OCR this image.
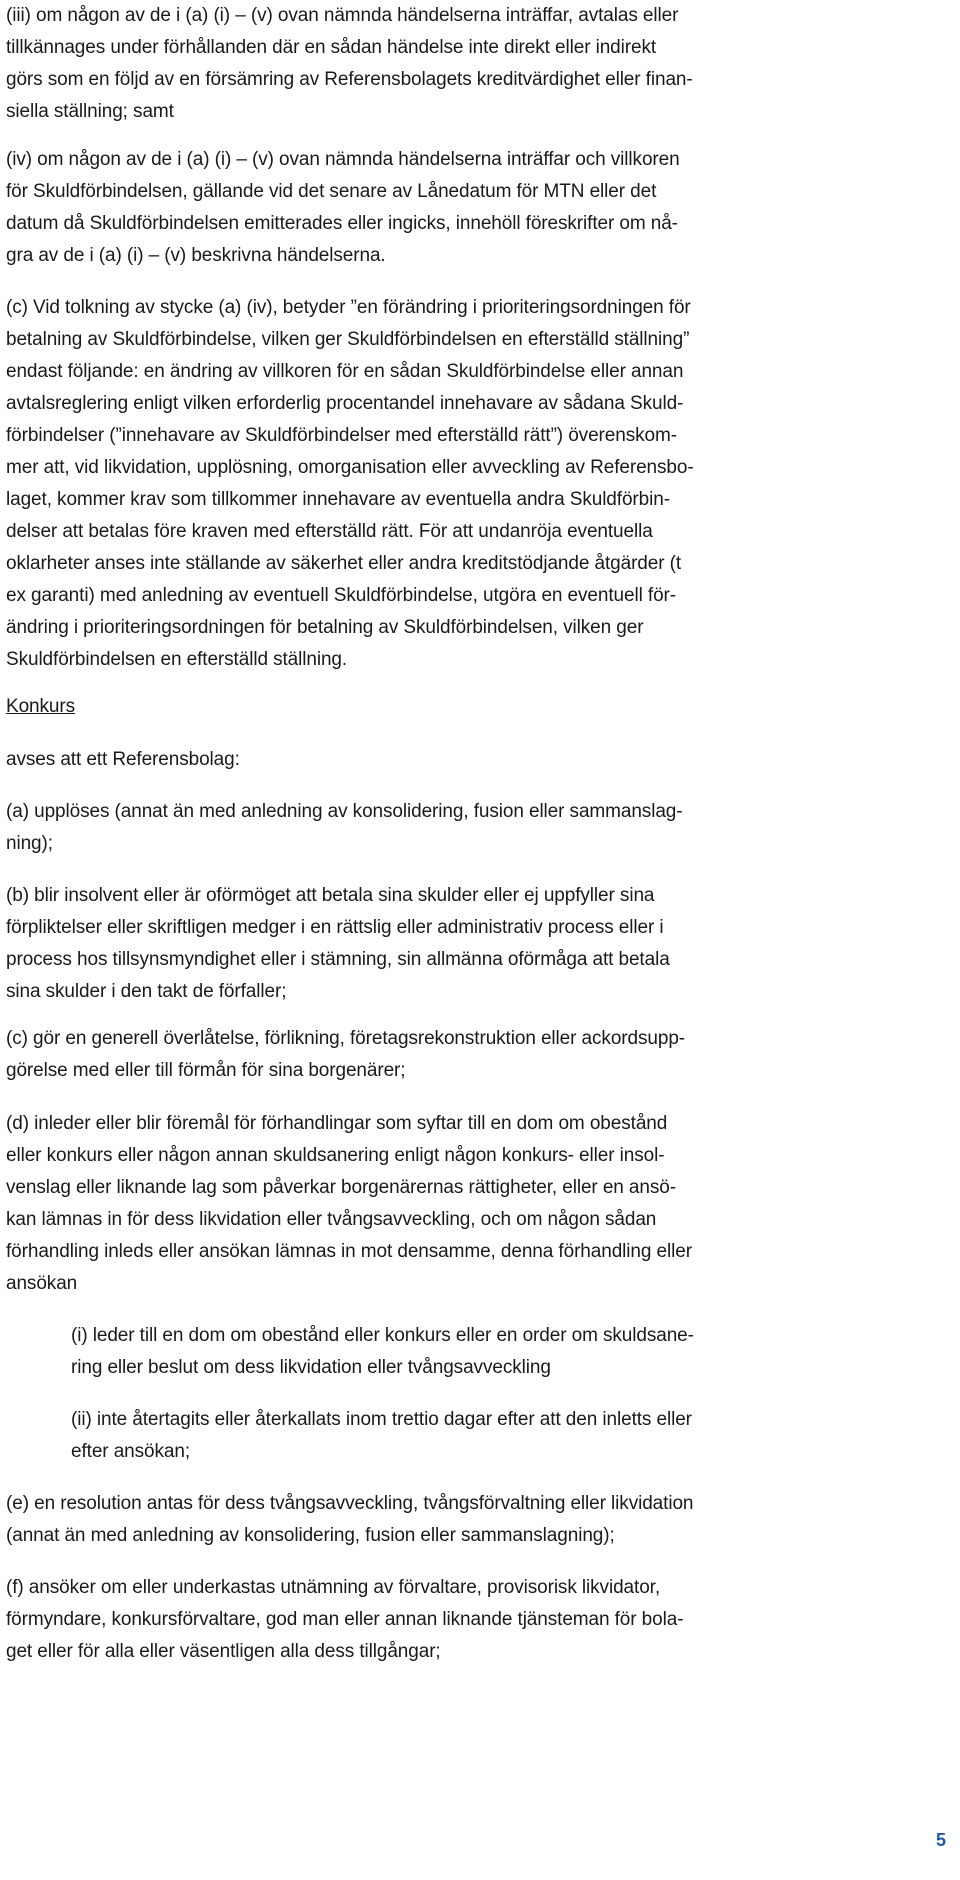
(iii) om någon av de i (a) (i) – (v) ovan nämnda händelserna inträffar, avtalas eller
tillkännages under förhållanden där en sådan händelse inte direkt eller indirekt
görs som en följd av en försämring av Referensbolagets kreditvärdighet eller finan-
siella ställning; samt

(iv) om någon av de i (a) (i) – (v) ovan nämnda händelserna inträffar och villkoren
för Skuldförbindelsen, gällande vid det senare av Lånedatum för MTN eller det
datum då Skuldförbindelsen emitterades eller ingicks, innehöll föreskrifter om nå-
gra av de i (a) (i) – (v) beskrivna händelserna.

(c) Vid tolkning av stycke (a) (iv), betyder ”en förändring i prioriteringsordningen för
betalning av Skuldförbindelse, vilken ger Skuldförbindelsen en efterställd ställning”
endast följande: en ändring av villkoren för en sådan Skuldförbindelse eller annan
avtalsreglering enligt vilken erforderlig procentandel innehavare av sådana Skuld-
förbindelser (”innehavare av Skuldförbindelser med efterställd rätt”) överenskom-
mer att, vid likvidation, upplösning, omorganisation eller avveckling av Referensbo-
laget, kommer krav som tillkommer innehavare av eventuella andra Skuldförbin-
delser att betalas före kraven med efterställd rätt. För att undanröja eventuella
oklarheter anses inte ställande av säkerhet eller andra kreditstödjande åtgärder (t
ex garanti) med anledning av eventuell Skuldförbindelse, utgöra en eventuell för-
ändring i prioriteringsordningen för betalning av Skuldförbindelsen, vilken ger
Skuldförbindelsen en efterställd ställning.

Konkurs

avses att ett Referensbolag:

(a) upplöses (annat än med anledning av konsolidering, fusion eller sammanslag-
ning);

(b) blir insolvent eller är oförmöget att betala sina skulder eller ej uppfyller sina
förpliktelser eller skriftligen medger i en rättslig eller administrativ process eller i
process hos tillsynsmyndighet eller i stämning, sin allmänna oförmåga att betala
sina skulder i den takt de förfaller;

(c) gör en generell överlåtelse, förlikning, företagsrekonstruktion eller ackordsupp-
görelse med eller till förmån för sina borgenärer;

(d) inleder eller blir föremål för förhandlingar som syftar till en dom om obestånd
eller konkurs eller någon annan skuldsanering enligt någon konkurs- eller insol-
venslag eller liknande lag som påverkar borgenärernas rättigheter, eller en ansö-
kan lämnas in för dess likvidation eller tvångsavveckling, och om någon sådan
förhandling inleds eller ansökan lämnas in mot densamme, denna förhandling eller
ansökan

(i) leder till en dom om obestånd eller konkurs eller en order om skuldsane-
ring eller beslut om dess likvidation eller tvångsavveckling

(ii) inte återtagits eller återkallats inom trettio dagar efter att den inletts eller
efter ansökan;

(e) en resolution antas för dess tvångsavveckling, tvångsförvaltning eller likvidation
(annat än med anledning av konsolidering, fusion eller sammanslagning);

(f) ansöker om eller underkastas utnämning av förvaltare, provisorisk likvidator,
förmyndare, konkursförvaltare, god man eller annan liknande tjänsteman för bola-
get eller för alla eller väsentligen alla dess tillgångar;

5
